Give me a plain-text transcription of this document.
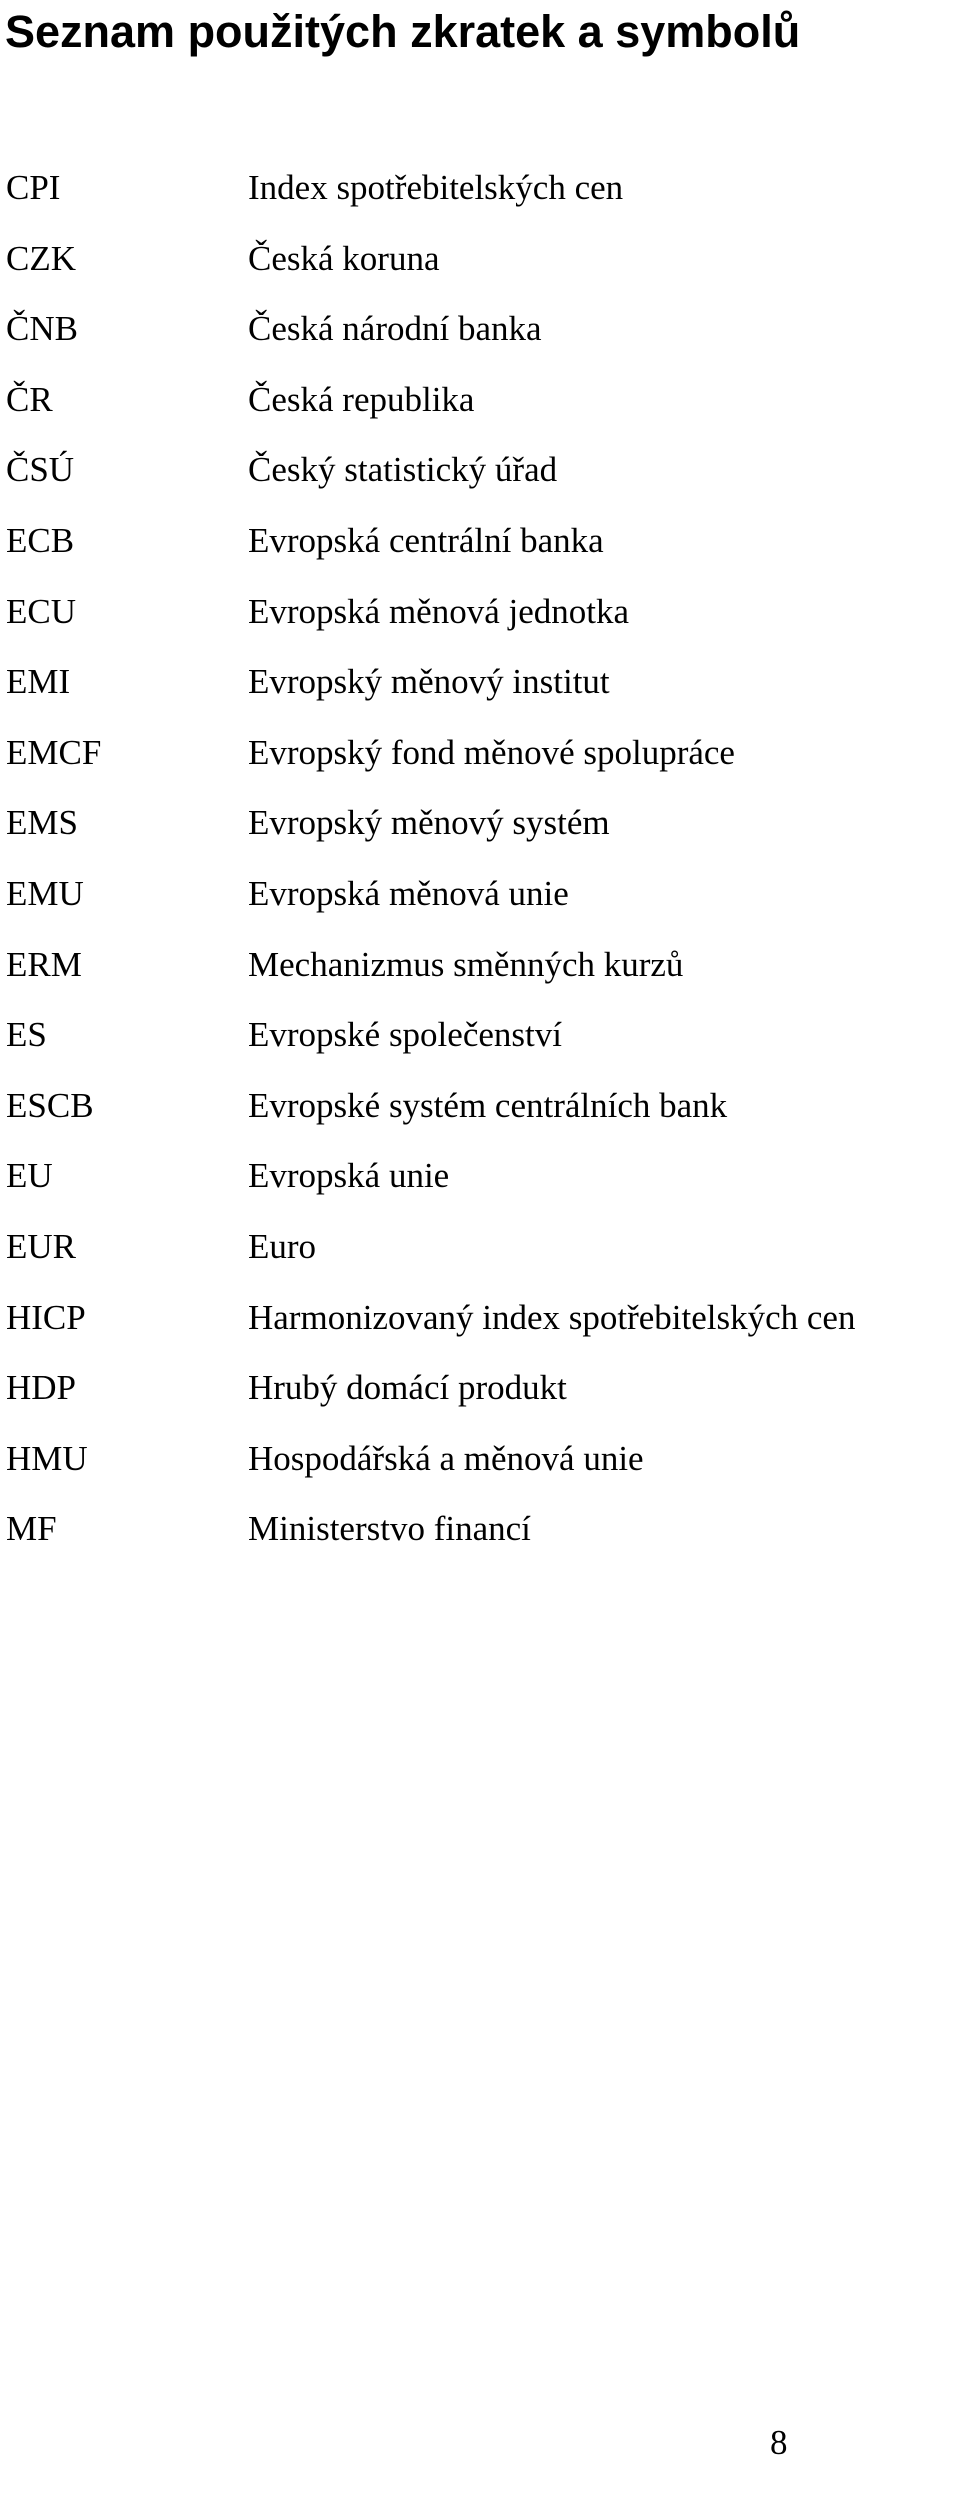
Seznam použitých zkratek a symbolů
CPI	Index spotřebitelských cen
CZK	Česká koruna
ČNB	Česká národní banka
ČR	Česká republika
ČSÚ	Český statistický úřad
ECB	Evropská centrální banka
ECU	Evropská měnová jednotka
EMI	Evropský měnový institut
EMCF	Evropský fond měnové spolupráce
EMS	Evropský měnový systém
EMU	Evropská měnová unie
ERM	Mechanizmus směnných kurzů
ES	Evropské společenství
ESCB	Evropské systém centrálních bank
EU	Evropská unie
EUR	Euro
HICP	Harmonizovaný index spotřebitelských cen
HDP	Hrubý domácí produkt
HMU	Hospodářská a měnová unie
MF	Ministerstvo financí
8
